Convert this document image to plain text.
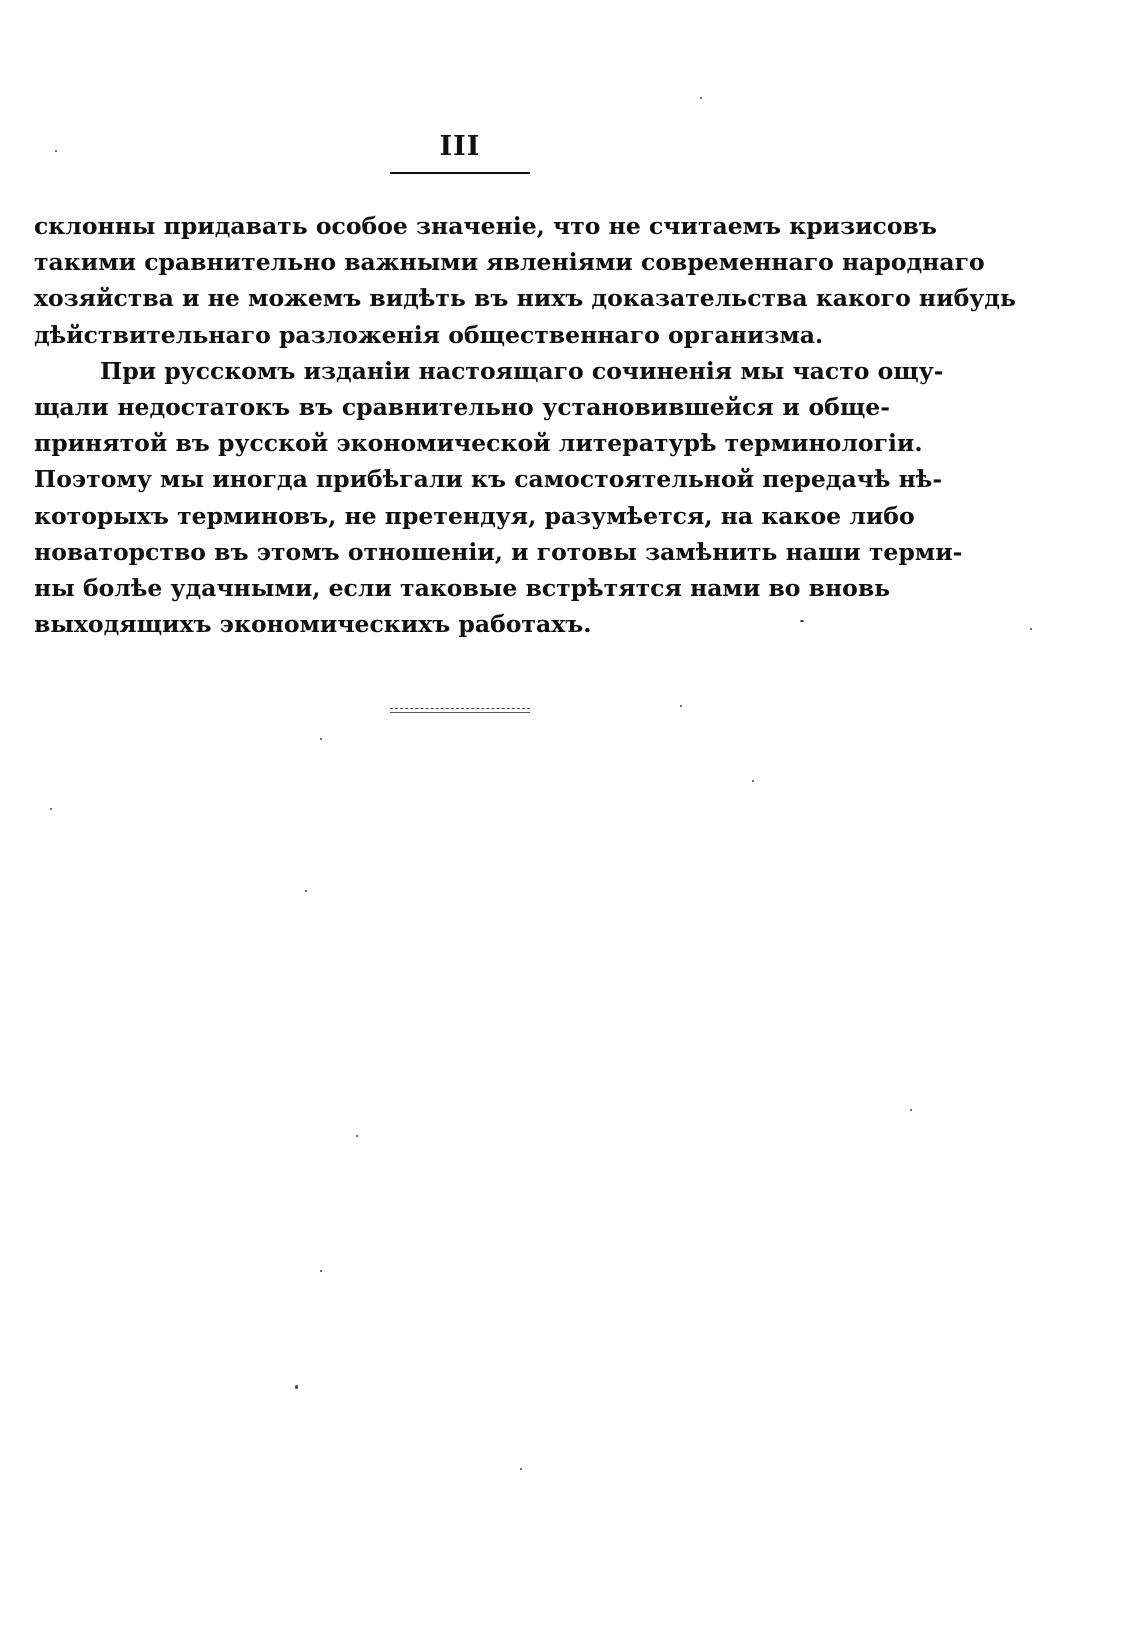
III
склонны придавать особое значеніе, что не считаемъ кризисовъ
такими сравнительно важными явленіями современнаго народнаго
хозяйства и не можемъ видѣть въ нихъ доказательства какого нибудь
дѣйствительнаго разложенія общественнаго организма.
При русскомъ изданіи настоящаго сочиненія мы часто ощу-
щали недостатокъ въ сравнительно установившейся и обще-
принятой въ русской экономической литературѣ терминологіи.
Поэтому мы иногда прибѣгали къ самостоятельной передачѣ нѣ-
которыхъ терминовъ, не претендуя, разумѣется, на какое либо
новаторство въ этомъ отношеніи, и готовы замѣнить наши терми-
ны болѣе удачными, если таковые встрѣтятся нами во вновь
выходящихъ экономическихъ работахъ.
